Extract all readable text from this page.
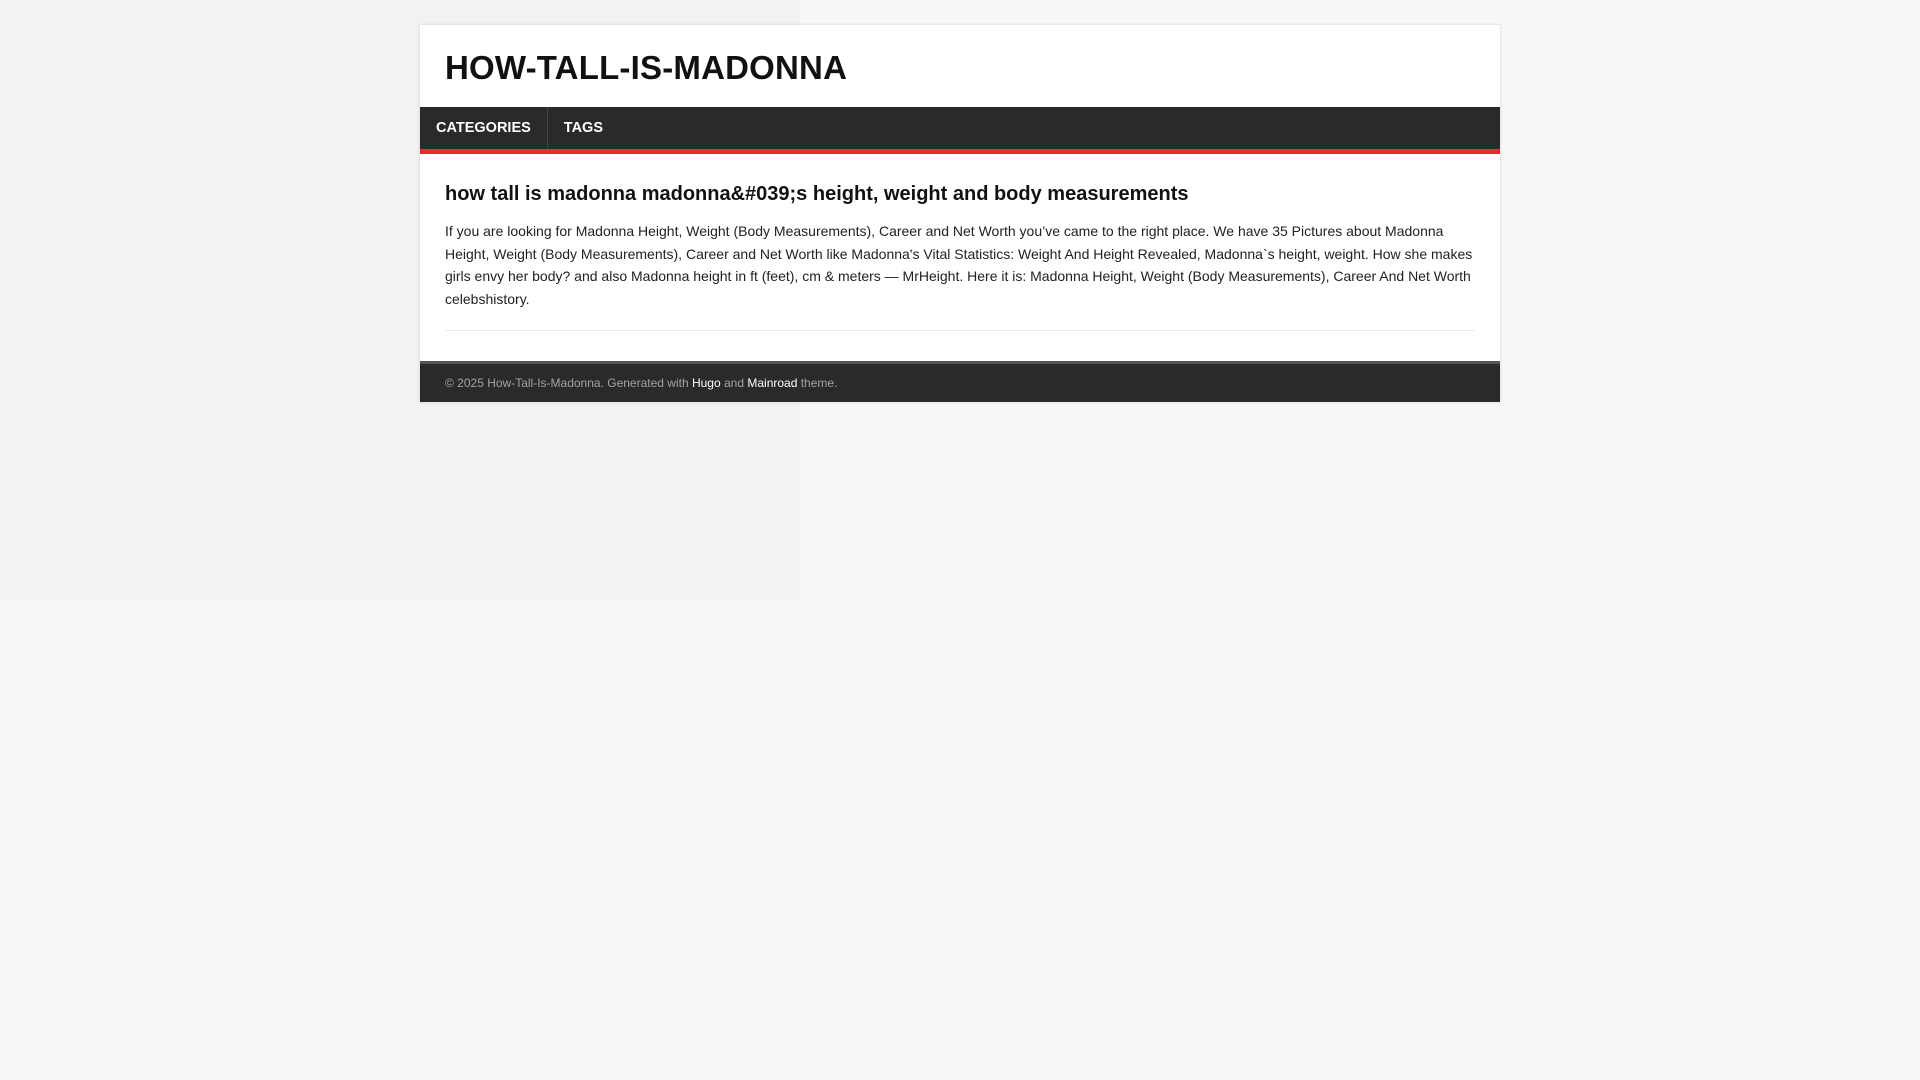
HOW-TALL-IS-MADONNA
CATEGORIES	TAGS
how tall is madonna ⁠madonna⁠&#039;s height, weight and body measurements

If you are looking for Madonna Height, Weight (Body Measurements), Career and Net Worth you’ve came to the right place. We have 35 Pictures about Madonna Height, Weight (Body Measurements), Career and Net Worth like Madonna's Vital Statistics: Weight And Height Revealed, Madonna`s height, weight. How she makes girls envy her body? and also Madonna height in ft (feet), cm & meters — MrHeight. Here it is: Madonna Height, Weight (Body Measurements), Career And Net Worth celebshistory.

© 2025 How-Tall-Is-Madonna. Generated with Hugo and Mainroad theme.
